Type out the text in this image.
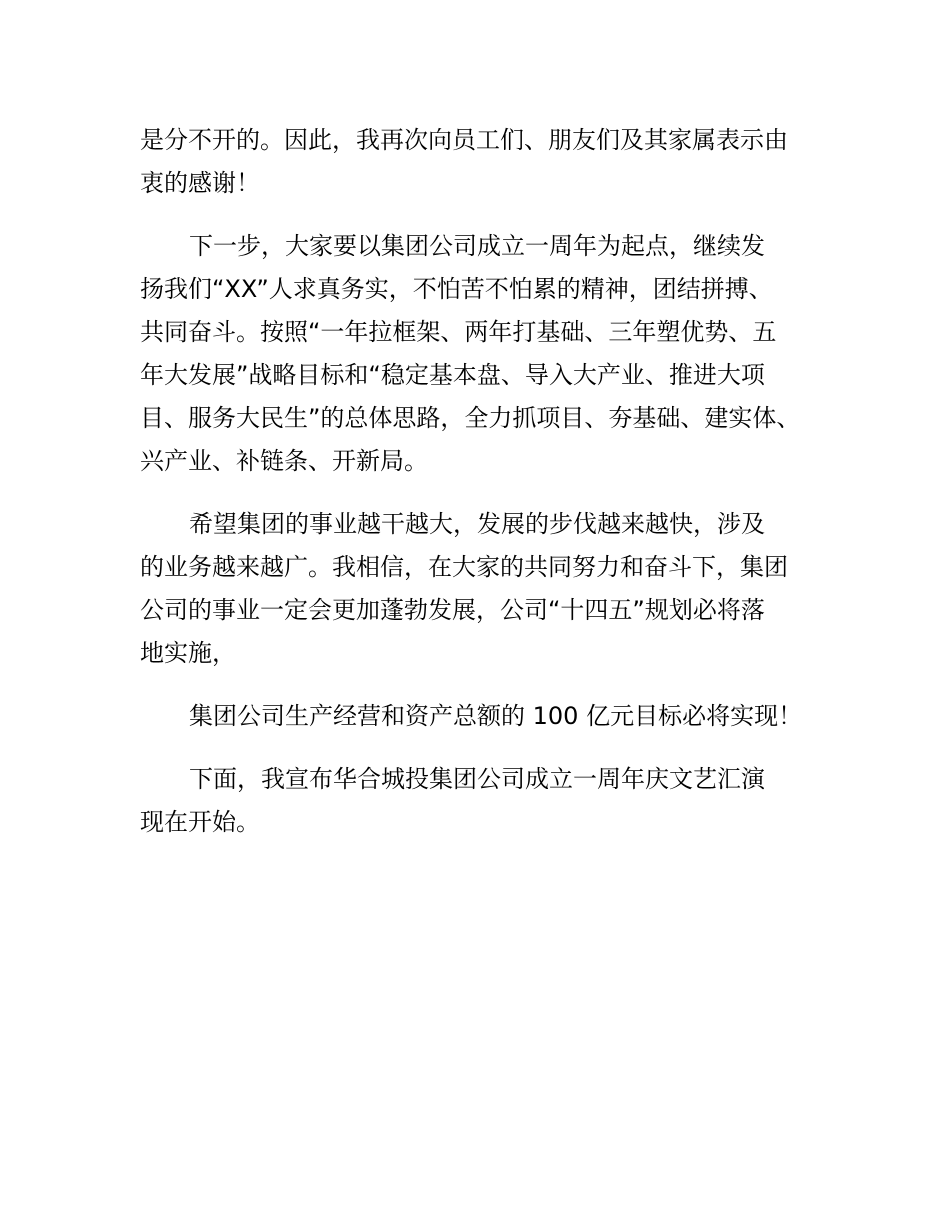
是分不开的。因此，我再次向员工们、朋友们及其家属表示由
衷的感谢！
下一步，大家要以集团公司成立一周年为起点，继续发
扬我们“XX”人求真务实，不怕苦不怕累的精神，团结拼搏、
共同奋斗。按照“一年拉框架、两年打基础、三年塑优势、五
年大发展”战略目标和“稳定基本盘、导入大产业、推进大项
目、服务大民生”的总体思路，全力抓项目、夯基础、建实体、
兴产业、补链条、开新局。
希望集团的事业越干越大，发展的步伐越来越快，涉及
的业务越来越广。我相信，在大家的共同努力和奋斗下，集团
公司的事业一定会更加蓬勃发展，公司“十四五”规划必将落
地实施，
集团公司生产经营和资产总额的 100 亿元目标必将实现！
下面，我宣布华合城投集团公司成立一周年庆文艺汇演
现在开始。
